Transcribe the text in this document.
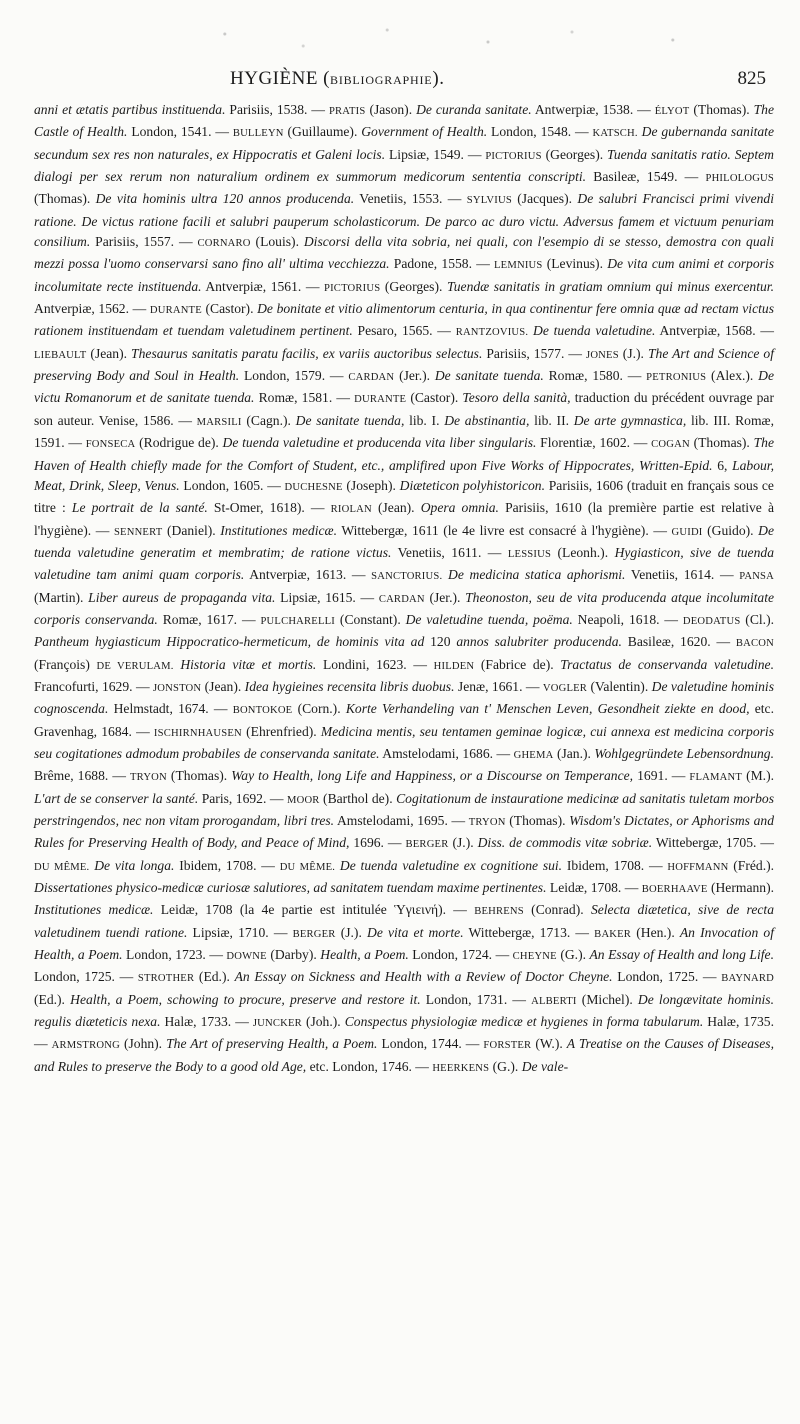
HYGIÈNE (BIBLIOGRAPHIE).	825
anni et ætatis partibus instituenda. Parisiis, 1538. — PRATIS (Jason). De curanda sanitate. Antwerpiæ, 1538. — ÉLYOT (Thomas). The Castle of Health. London, 1541. — BULLEYN (Guillaume). Government of Health. London, 1548. — KATSCH. De gubernanda sanitate secundum sex res non naturales, ex Hippocratis et Galeni locis. Lipsiæ, 1549. — PICTORIUS (Georges). Tuenda sanitatis ratio. Septem dialogi per sex rerum non naturalium ordinem ex summorum medicorum sententia conscripti. Basileæ, 1549. — PHILOLOGUS (Thomas). De vita hominis ultra 120 annos producenda. Venetiis, 1553. — SYLVIUS (Jacques). De salubri Francisci primi vivendi ratione. De victus ratione facili et salubri pauperum scholasticorum. De parco ac duro victu. Adversus famem et victuum penuriam consilium. Parisiis, 1557. — CORNARO (Louis). Discorsi della vita sobria, nei quali, con l'esempio di se stesso, demostra con quali mezzi possa l'uomo conservarsi sano fino all' ultima vecchiezza. Padone, 1558. — LEMNIUS (Levinus). De vita cum animi et corporis incolumitate recte instituenda. Antverpiæ, 1561. — PICTORIUS (Georges). Tuendæ sanitatis in gratiam omnium qui minus exercentur. Antverpiæ, 1562. — DURANTE (Castor). De bonitate et vitio alimentorum centuria, in qua continentur fere omnia quæ ad rectam victus rationem instituendam et tuendam valetudinem pertinent. Pesaro, 1565. — RANTZOVIUS. De tuenda valetudine. Antverpiæ, 1568. — LIEBAULT (Jean). Thesaurus sanitatis paratu facilis, ex variis auctoribus selectus. Parisiis, 1577. — JONES (J.). The Art and Science of preserving Body and Soul in Health. London, 1579. — CARDAN (Jer.). De sanitate tuenda. Romæ, 1580. — PETRONIUS (Alex.). De victu Romanorum et de sanitate tuenda. Romæ, 1581. — DURANTE (Castor). Tesoro della sanità, traduction du précédent ouvrage par son auteur. Venise, 1586. — MARSILI (Cagn.). De sanitate tuenda, lib. I. De abstinantia, lib. II. De arte gymnastica, lib. III. Romæ, 1591. — FONSECA (Rodrigue de). De tuenda valetudine et producenda vita liber singularis. Florentiæ, 1602. — COGAN (Thomas). The Haven of Health chiefly made for the Comfort of Student, etc., amplifired upon Five Works of Hippocrates, Written-Epid. 6, Labour, Meat, Drink, Sleep, Venus. London, 1605. — DUCHESNE (Joseph). Diæteticon polyhistoricon. Parisiis, 1606 (traduit en français sous ce titre : Le portrait de la santé. St-Omer, 1618). — RIOLAN (Jean). Opera omnia. Parisiis, 1610 (la première partie est relative à l'hygiène). — SENNERT (Daniel). Institutiones medicæ. Wittebergæ, 1611 (le 4e livre est consacré à l'hygiène). — GUIDI (Guido). De tuenda valetudine generatim et membratim; de ratione victus. Venetiis, 1611. — LESSIUS (Leonh.). Hygiasticon, sive de tuenda valetudine tam animi quam corporis. Antverpiæ, 1613. — SANCTORIUS. De medicina statica aphorismi. Venetiis, 1614. — PANSA (Martin). Liber aureus de propaganda vita. Lipsiæ, 1615. — CARDAN (Jer.). Theonoston, seu de vita producenda atque incolumitate corporis conservanda. Romæ, 1617. — PULCHARELLI (Constant). De valetudine tuenda, poëma. Neapoli, 1618. — DEODATUS (Cl.). Pantheum hygiasticum Hippocratico-hermeticum, de hominis vita ad 120 annos salubriter producenda. Basileæ, 1620. — BACON (François) DE VERULAM. Historia vitæ et mortis. Londini, 1623. — HILDEN (Fabrice de). Tractatus de conservanda valetudine. Francofurti, 1629. — JONSTON (Jean). Idea hygieines recensita libris duobus. Jenæ, 1661. — VOGLER (Valentin). De valetudine hominis cognoscenda. Helmstadt, 1674. — BONTOKOE (Corn.). Korte Verhandeling van t' Menschen Leven, Gesondheit ziekte en dood, etc. Gravenhag, 1684. — ISCHIRNHAUSEN (Ehrenfried). Medicina mentis, seu tentamen geminae logicæ, cui annexa est medicina corporis seu cogitationes admodum probabiles de conservanda sanitate. Amstelodami, 1686. — GHEMA (Jan.). Wohlgegründete Lebensordnung. Brême, 1688. — TRYON (Thomas). Way to Health, long Life and Happiness, or a Discourse on Temperance, 1691. — FLAMANT (M.). L'art de se conserver la santé. Paris, 1692. — MOOR (Barthol de). Cogitationum de instauratione medicinæ ad sanitatis tuletam morbos perstringendos, nec non vitam prorogandam, libri tres. Amstelodami, 1695. — TRYON (Thomas). Wisdom's Dictates, or Aphorisms and Rules for Preserving Health of Body, and Peace of Mind, 1696. — BERGER (J.). Diss. de commodis vitæ sobriæ. Wittebergæ, 1705. — DU MÊME. De vita longa. Ibidem, 1708. — DU MÊME. De tuenda valetudine ex cognitione sui. Ibidem, 1708. — HOFFMANN (Fréd.). Dissertationes physico-medicæ curiosæ salutiores, ad sanitatem tuendam maxime pertinentes. Leidæ, 1708. — BOERHAAVE (Hermann). Institutiones medicæ. Leidæ, 1708 (la 4e partie est intitulée Ὑγιεινή). — BEHRENS (Conrad). Selecta diætetica, sive de recta valetudinem tuendi ratione. Lipsiæ, 1710. — BERGER (J.). De vita et morte. Wittebergæ, 1713. — BAKER (Hen.). An Invocation of Health, a Poem. London, 1723. — DOWNE (Darby). Health, a Poem. London, 1724. — CHEYNE (G.). An Essay of Health and long Life. London, 1725. — STROTHER (Ed.). An Essay on Sickness and Health with a Review of Doctor Cheyne. London, 1725. — BAYNARD (Ed.). Health, a Poem, schowing to procure, preserve and restore it. London, 1731. — ALBERTI (Michel). De longævitate hominis. regulis diæteticis nexa. Halæ, 1733. — JUNCKER (Joh.). Conspectus physiologiæ medicæ et hygienes in forma tabularum. Halæ, 1735. — ARMSTRONG (John). The Art of preserving Health, a Poem. London, 1744. — FORSTER (W.). A Treatise on the Causes of Diseases, and Rules to preserve the Body to a good old Age, etc. London, 1746. — HEERKENS (G.). De vale-
